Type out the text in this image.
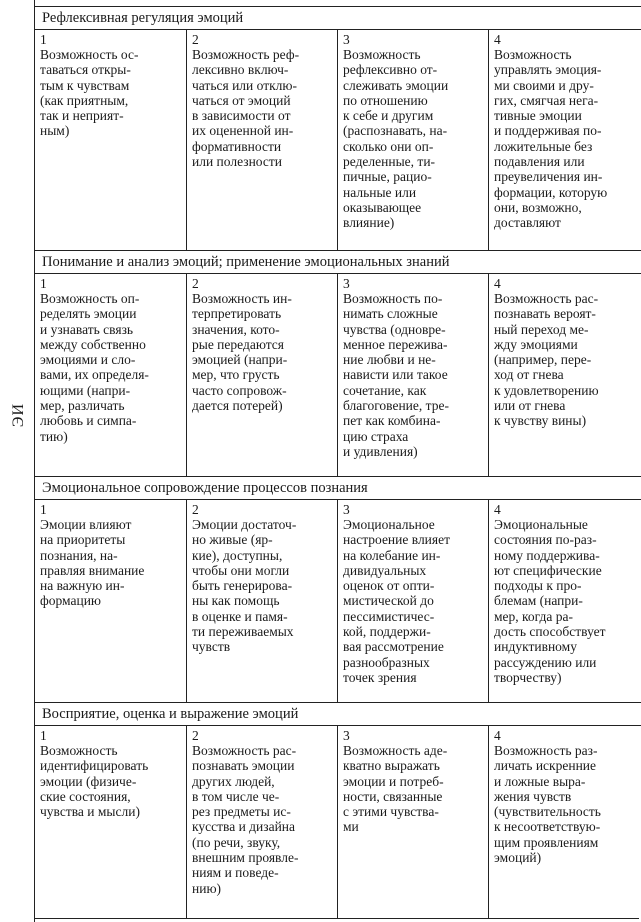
ЭИ
Рефлексивная регуляция эмоций
1
Возможность ос-
таваться откры-
тым к чувствам
(как приятным,
так и неприят-
ным)
2
Возможность реф-
лексивно включ-
чаться или отклю-
чаться от эмоций
в зависимости от
их оцененной ин-
формативности
или полезности
3
Возможность
рефлексивно от-
слеживать эмоции
по отношению
к себе и другим
(распознавать, на-
сколько они оп-
ределенные, ти-
пичные, рацио-
нальные или
оказывающее
влияние)
4
Возможность
управлять эмоция-
ми своими и дру-
гих, смягчая нега-
тивные эмоции
и поддерживая по-
ложительные без
подавления или
преувеличения ин-
формации, которую
они, возможно,
доставляют
Понимание и анализ эмоций; применение эмоциональных знаний
1
Возможность оп-
ределять эмоции
и узнавать связь
между собственно
эмоциями и сло-
вами, их определя-
ющими (напри-
мер, различать
любовь и симпа-
тию)
2
Возможность ин-
терпретировать
значения, кото-
рые передаются
эмоцией (напри-
мер, что грусть
часто сопровож-
дается потерей)
3
Возможность по-
нимать сложные
чувства (одновре-
менное пережива-
ние любви и не-
нависти или такое
сочетание, как
благоговение, тре-
пет как комбина-
цию страха
и удивления)
4
Возможность рас-
познавать вероят-
ный переход ме-
жду эмоциями
(например, пере-
ход от гнева
к удовлетворению
или от гнева
к чувству вины)
Эмоциональное сопровождение процессов познания
1
Эмоции влияют
на приоритеты
познания, на-
правляя внимание
на важную ин-
формацию
2
Эмоции достаточ-
но живые (яр-
кие), доступны,
чтобы они могли
быть генерирова-
ны как помощь
в оценке и памя-
ти переживаемых
чувств
3
Эмоциональное
настроение влияет
на колебание ин-
дивидуальных
оценок от опти-
мистической до
пессимистичес-
кой, поддержи-
вая рассмотрение
разнообразных
точек зрения
4
Эмоциональные
состояния по-раз-
ному поддержива-
ют специфические
подходы к про-
блемам (напри-
мер, когда ра-
дость способствует
индуктивному
рассуждению или
творчеству)
Восприятие, оценка и выражение эмоций
1
Возможность
идентифицировать
эмоции (физиче-
ские состояния,
чувства и мысли)
2
Возможность рас-
познавать эмоции
других людей,
в том числе че-
рез предметы ис-
кусства и дизайна
(по речи, звуку,
внешним проявле-
ниям и поведе-
нию)
3
Возможность аде-
кватно выражать
эмоции и потреб-
ности, связанные
с этими чувства-
ми
4
Возможность раз-
личать искренние
и ложные выра-
жения чувств
(чувствительность
к несоответствую-
щим проявлениям
эмоций)
